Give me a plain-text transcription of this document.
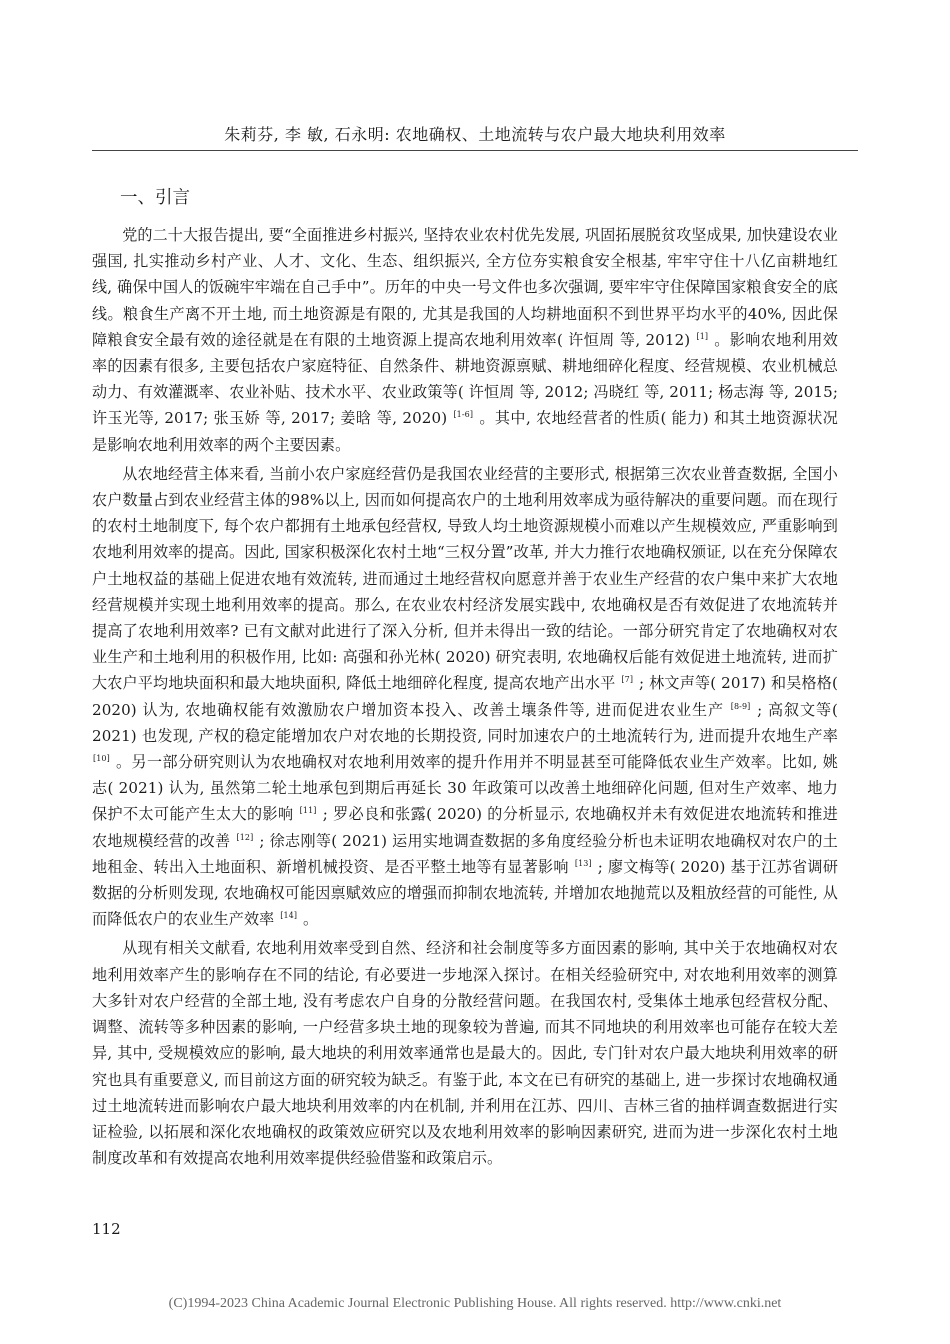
朱莉芬, 李 敏, 石永明: 农地确权、土地流转与农户最大地块利用效率
一、引言

党的二十大报告提出, 要“全面推进乡村振兴, 坚持农业农村优先发展, 巩固拓展脱贫攻坚成果, 加快建设农业强国, 扎实推动乡村产业、人才、文化、生态、组织振兴, 全方位夯实粮食安全根基, 牢牢守住十八亿亩耕地红线, 确保中国人的饭碗牢牢端在自己手中”。历年的中央一号文件也多次强调, 要牢牢守住保障国家粮食安全的底线。粮食生产离不开土地, 而土地资源是有限的, 尤其是我国的人均耕地面积不到世界平均水平的40%, 因此保障粮食安全最有效的途径就是在有限的土地资源上提高农地利用效率( 许恒周 等, 2012) [1] 。影响农地利用效率的因素有很多, 主要包括农户家庭特征、自然条件、耕地资源禀赋、耕地细碎化程度、经营规模、农业机械总动力、有效灌溉率、农业补贴、技术水平、农业政策等( 许恒周 等, 2012; 冯晓红 等, 2011; 杨志海 等, 2015; 许玉光等, 2017; 张玉娇 等, 2017; 姜晗 等, 2020) [1-6] 。其中, 农地经营者的性质( 能力) 和其土地资源状况是影响农地利用效率的两个主要因素。

从农地经营主体来看, 当前小农户家庭经营仍是我国农业经营的主要形式, 根据第三次农业普查数据, 全国小农户数量占到农业经营主体的98%以上, 因而如何提高农户的土地利用效率成为亟待解决的重要问题。而在现行的农村土地制度下, 每个农户都拥有土地承包经营权, 导致人均土地资源规模小而难以产生规模效应, 严重影响到农地利用效率的提高。因此, 国家积极深化农村土地“三权分置”改革, 并大力推行农地确权颁证, 以在充分保障农户土地权益的基础上促进农地有效流转, 进而通过土地经营权向愿意并善于农业生产经营的农户集中来扩大农地经营规模并实现土地利用效率的提高。那么, 在农业农村经济发展实践中, 农地确权是否有效促进了农地流转并提高了农地利用效率? 已有文献对此进行了深入分析, 但并未得出一致的结论。一部分研究肯定了农地确权对农业生产和土地利用的积极作用, 比如: 高强和孙光林( 2020) 研究表明, 农地确权后能有效促进土地流转, 进而扩大农户平均地块面积和最大地块面积, 降低土地细碎化程度, 提高农地产出水平 [7] ; 林文声等( 2017) 和吴格格( 2020) 认为, 农地确权能有效激励农户增加资本投入、改善土壤条件等, 进而促进农业生产 [8-9] ; 高叙文等( 2021) 也发现, 产权的稳定能增加农户对农地的长期投资, 同时加速农户的土地流转行为, 进而提升农地生产率 [10] 。另一部分研究则认为农地确权对农地利用效率的提升作用并不明显甚至可能降低农业生产效率。比如, 姚志( 2021) 认为, 虽然第二轮土地承包到期后再延长 30 年政策可以改善土地细碎化问题, 但对生产效率、地力保护不太可能产生太大的影响 [11] ; 罗必良和张露( 2020) 的分析显示, 农地确权并未有效促进农地流转和推进农地规模经营的改善 [12] ; 徐志刚等( 2021) 运用实地调查数据的多角度经验分析也未证明农地确权对农户的土地租金、转出入土地面积、新增机械投资、是否平整土地等有显著影响 [13] ; 廖文梅等( 2020) 基于江苏省调研数据的分析则发现, 农地确权可能因禀赋效应的增强而抑制农地流转, 并增加农地抛荒以及粗放经营的可能性, 从而降低农户的农业生产效率 [14] 。

从现有相关文献看, 农地利用效率受到自然、经济和社会制度等多方面因素的影响, 其中关于农地确权对农地利用效率产生的影响存在不同的结论, 有必要进一步地深入探讨。在相关经验研究中, 对农地利用效率的测算大多针对农户经营的全部土地, 没有考虑农户自身的分散经营问题。在我国农村, 受集体土地承包经营权分配、调整、流转等多种因素的影响, 一户经营多块土地的现象较为普遍, 而其不同地块的利用效率也可能存在较大差异, 其中, 受规模效应的影响, 最大地块的利用效率通常也是最大的。因此, 专门针对农户最大地块利用效率的研究也具有重要意义, 而目前这方面的研究较为缺乏。有鉴于此, 本文在已有研究的基础上, 进一步探讨农地确权通过土地流转进而影响农户最大地块利用效率的内在机制, 并利用在江苏、四川、吉林三省的抽样调查数据进行实证检验, 以拓展和深化农地确权的政策效应研究以及农地利用效率的影响因素研究, 进而为进一步深化农村土地制度改革和有效提高农地利用效率提供经验借鉴和政策启示。

112
(C)1994-2023 China Academic Journal Electronic Publishing House. All rights reserved. http://www.cnki.net
